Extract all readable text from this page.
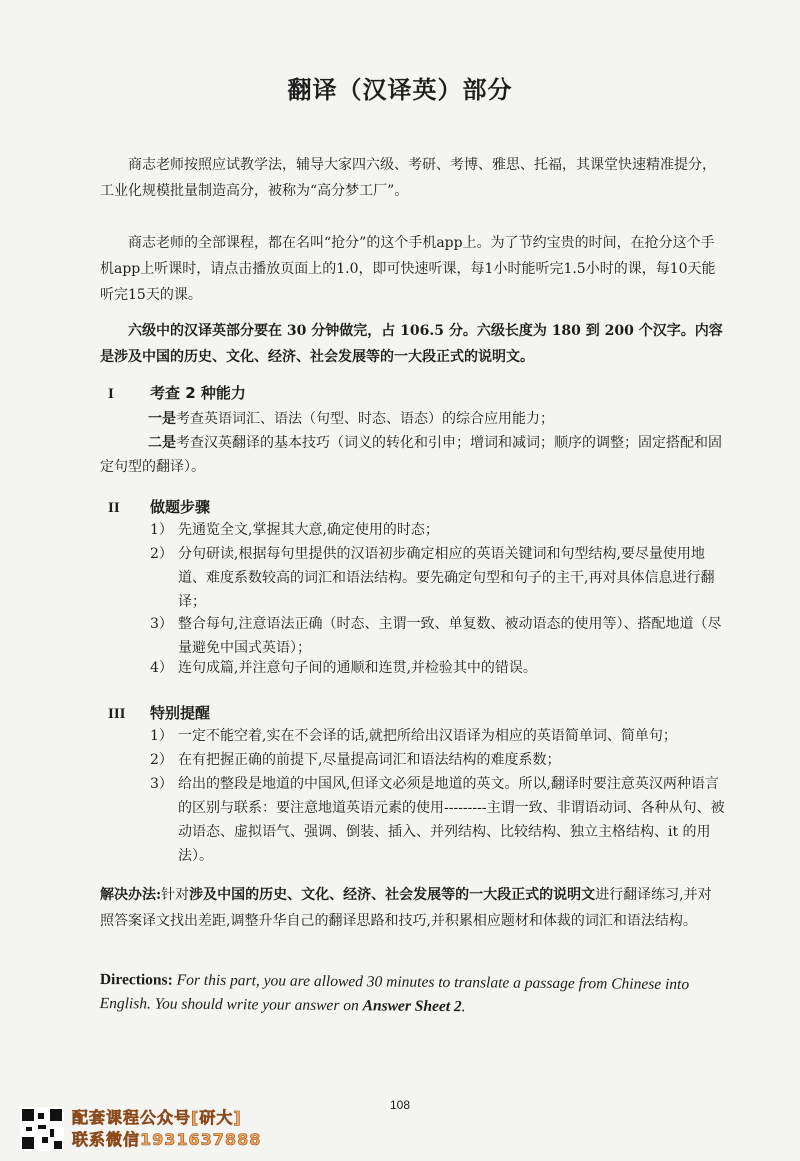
翻译（汉译英）部分

商志老师按照应试教学法，辅导大家四六级、考研、考博、雅思、托福，其课堂快速精准提分，工业化规模批量制造高分，被称为“高分梦工厂”。

商志老师的全部课程，都在名叫“抢分”的这个手机app上。为了节约宝贵的时间，在抢分这个手机app上听课时，请点击播放页面上的1.0，即可快速听课，每1小时能听完1.5小时的课，每10天能听完15天的课。

六级中的汉译英部分要在 30 分钟做完，占 106.5 分。六级长度为 180 到 200 个汉字。内容是涉及中国的历史、文化、经济、社会发展等的一大段正式的说明文。

I 考查 2 种能力

一是考查英语词汇、语法（句型、时态、语态）的综合应用能力；

二是考查汉英翻译的基本技巧（词义的转化和引申；增词和减词；顺序的调整；固定搭配和固定句型的翻译）。

II 做题步骤
1） 先通览全文,掌握其大意,确定使用的时态；
2） 分句研读,根据每句里提供的汉语初步确定相应的英语关键词和句型结构,要尽量使用地道、难度系数较高的词汇和语法结构。要先确定句型和句子的主干,再对具体信息进行翻译；
3） 整合每句,注意语法正确（时态、主谓一致、单复数、被动语态的使用等）、搭配地道（尽量避免中国式英语）；
4） 连句成篇,并注意句子间的通顺和连贯,并检验其中的错误。
III 特别提醒
1） 一定不能空着,实在不会译的话,就把所给出汉语译为相应的英语简单词、简单句；
2） 在有把握正确的前提下,尽量提高词汇和语法结构的难度系数；
3） 给出的整段是地道的中国风,但译文必须是地道的英文。所以,翻译时要注意英汉两种语言的区别与联系：要注意地道英语元素的使用---------主谓一致、非谓语动词、各种从句、被动语态、虚拟语气、强调、倒装、插入、并列结构、比较结构、独立主格结构、it 的用法）。

解决办法:针对涉及中国的历史、文化、经济、社会发展等的一大段正式的说明文进行翻译练习,并对照答案译文找出差距,调整升华自己的翻译思路和技巧,并积累相应题材和体裁的词汇和语法结构。

Directions: For this part, you are allowed 30 minutes to translate a passage from Chinese into English. You should write your answer on Answer Sheet 2.
108
配套课程公众号[研大]
联系微信1931637888
